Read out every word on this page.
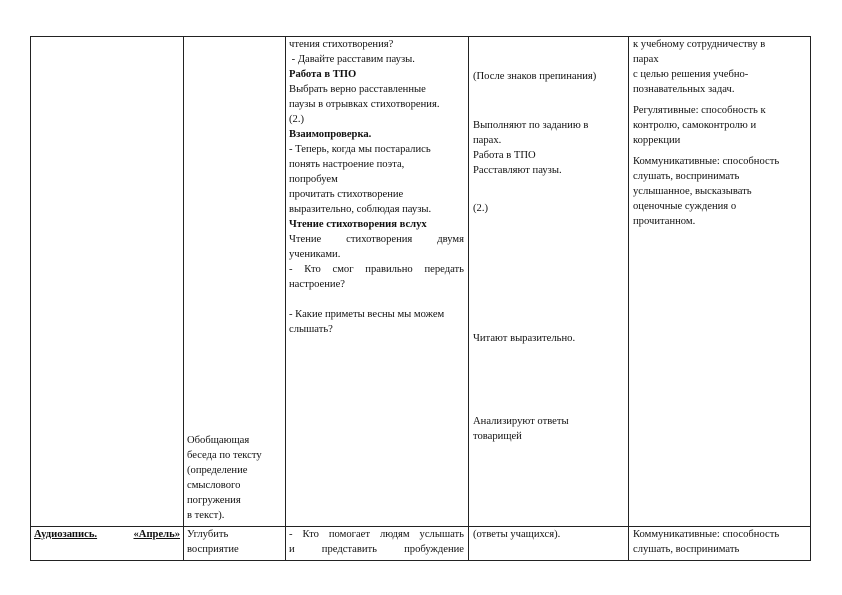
Обобщающая

беседа по тексту

(определение

смыслового

погружения

в текст).

чтения стихотворения?

- Давайте расставим паузы.

Работа в ТПО

Выбрать верно расставленные

паузы в отрывках стихотворения.

(2.)

Взаимопроверка.

- Теперь, когда мы постарались

понять настроение поэта,

попробуем

прочитать стихотворение

выразительно, соблюдая паузы.

Чтение стихотворения вслух

Чтение стихотворения двумя

учениками.

- Кто смог правильно передать

настроение?

- Какие приметы весны мы можем

слышать?

(После знаков препинания)

Выполняют по заданию в

парах.

Работа в ТПО

Расставляют паузы.

(2.)

Читают выразительно.

Анализируют ответы

товарищей

к учебному сотрудничеству в

парах

с целью решения учебно-

познавательных задач.

Регулятивные: способность к

контролю, самоконтролю и

коррекции

Коммуникативные: способность

слушать, воспринимать

услышанное, высказывать

оценочные суждения о

прочитанном.

Аудиозапись.	«Апрель» Углубить

восприятие

- Кто помогает людям услышать

и представить пробуждение

(ответы учащихся).	Коммуникативные: способность

слушать, воспринимать
